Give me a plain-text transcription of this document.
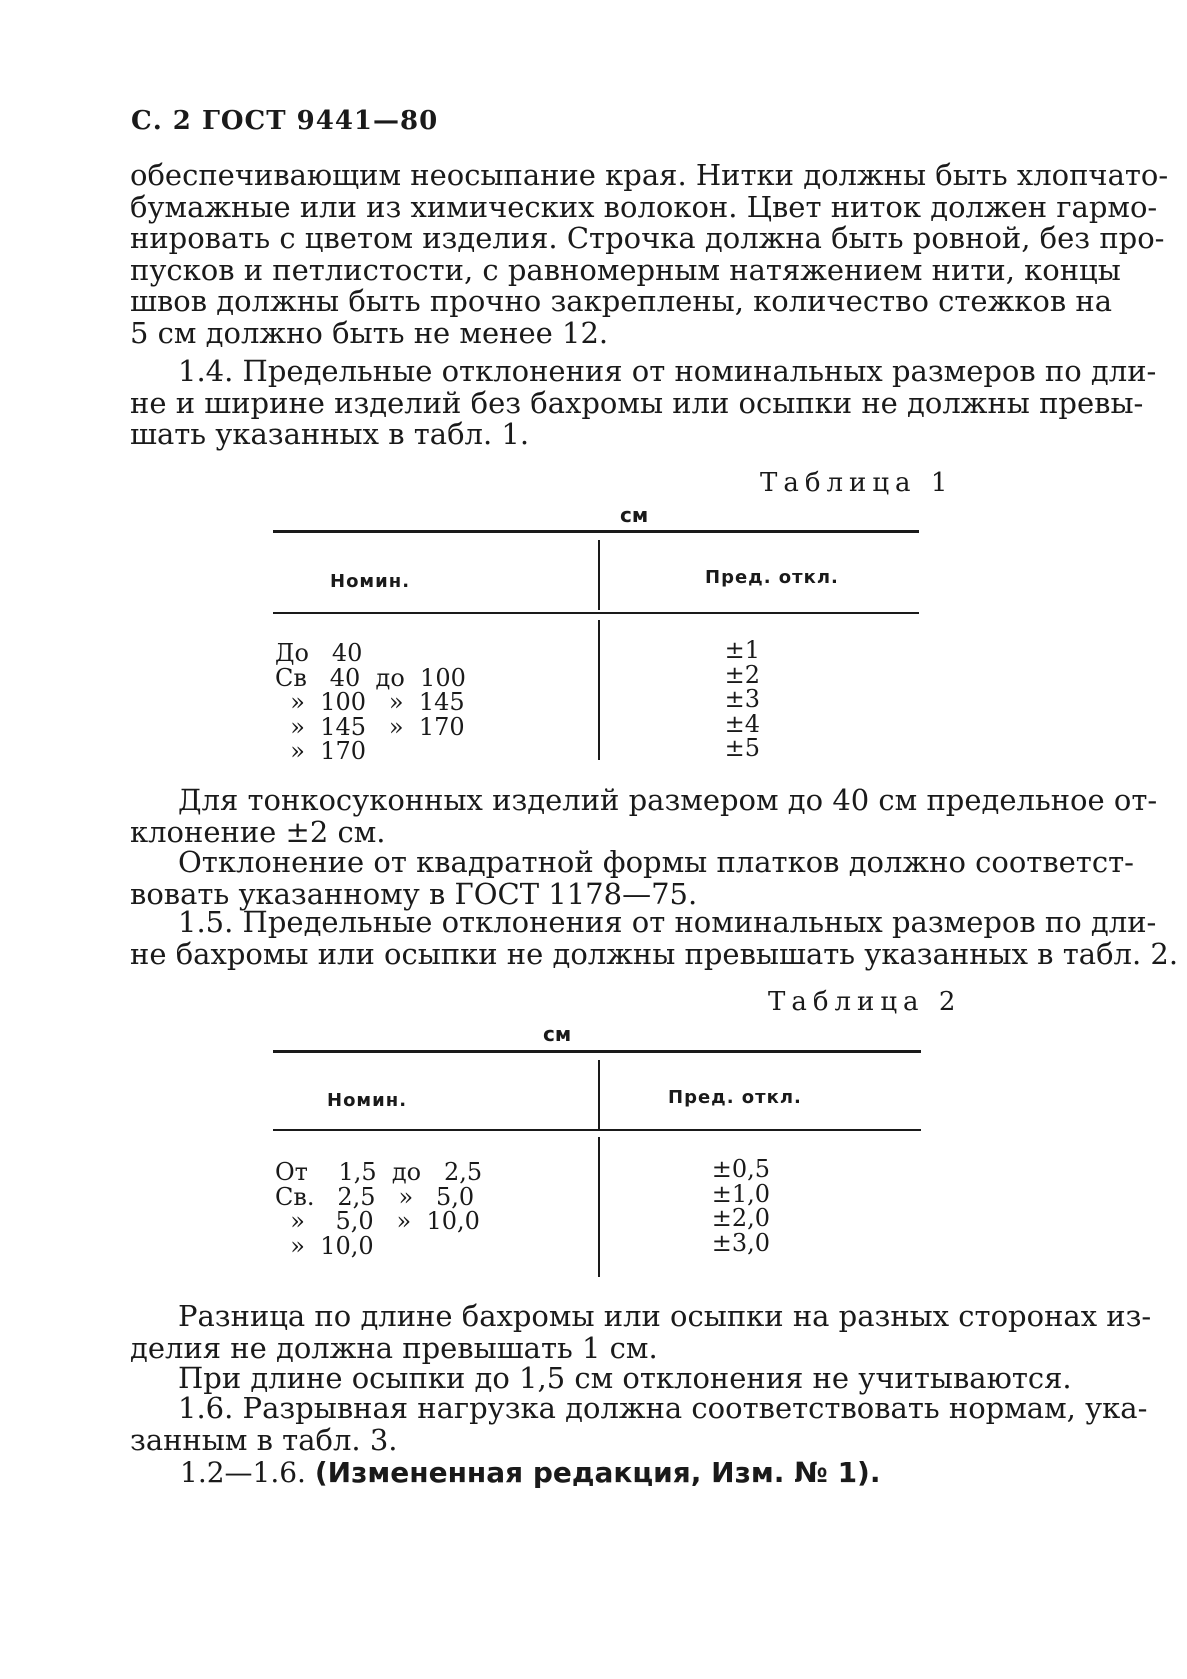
С. 2 ГОСТ 9441—80
обеспечивающим неосыпание края. Нитки должны быть хлопчато-
бумажные или из химических волокон. Цвет ниток должен гармо-
нировать с цветом изделия. Строчка должна быть ровной, без про-
пусков и петлистости, с равномерным натяжением нити, концы
швов должны быть прочно закреплены, количество стежков на
5 см должно быть не менее 12.
1.4. Предельные отклонения от номинальных размеров по дли-
не и ширине изделий без бахромы или осыпки не должны превы-
шать указанных в табл. 1.
Таблица 1
см
Номин.	Пред. откл.
До   40
Св   40  до  100
»  100   »  145
»  145   »  170
»  170
±1
±2
±3
±4
±5
Для тонкосуконных изделий размером до 40 см предельное от-
клонение ±2 см.
Отклонение от квадратной формы платков должно соответст-
вовать указанному в ГОСТ 1178—75.
1.5. Предельные отклонения от номинальных размеров по дли-
не бахромы или осыпки не должны превышать указанных в табл. 2.
Таблица 2
см
Номин.	Пред. откл.
От    1,5  до   2,5
Св.   2,5   »   5,0
»    5,0   »  10,0
»  10,0
±0,5
±1,0
±2,0
±3,0
Разница по длине бахромы или осыпки на разных сторонах из-
делия не должна превышать 1 см.
При длине осыпки до 1,5 см отклонения не учитываются.
1.6. Разрывная нагрузка должна соответствовать нормам, ука-
занным в табл. 3.
1.2—1.6. (Измененная редакция, Изм. № 1).
